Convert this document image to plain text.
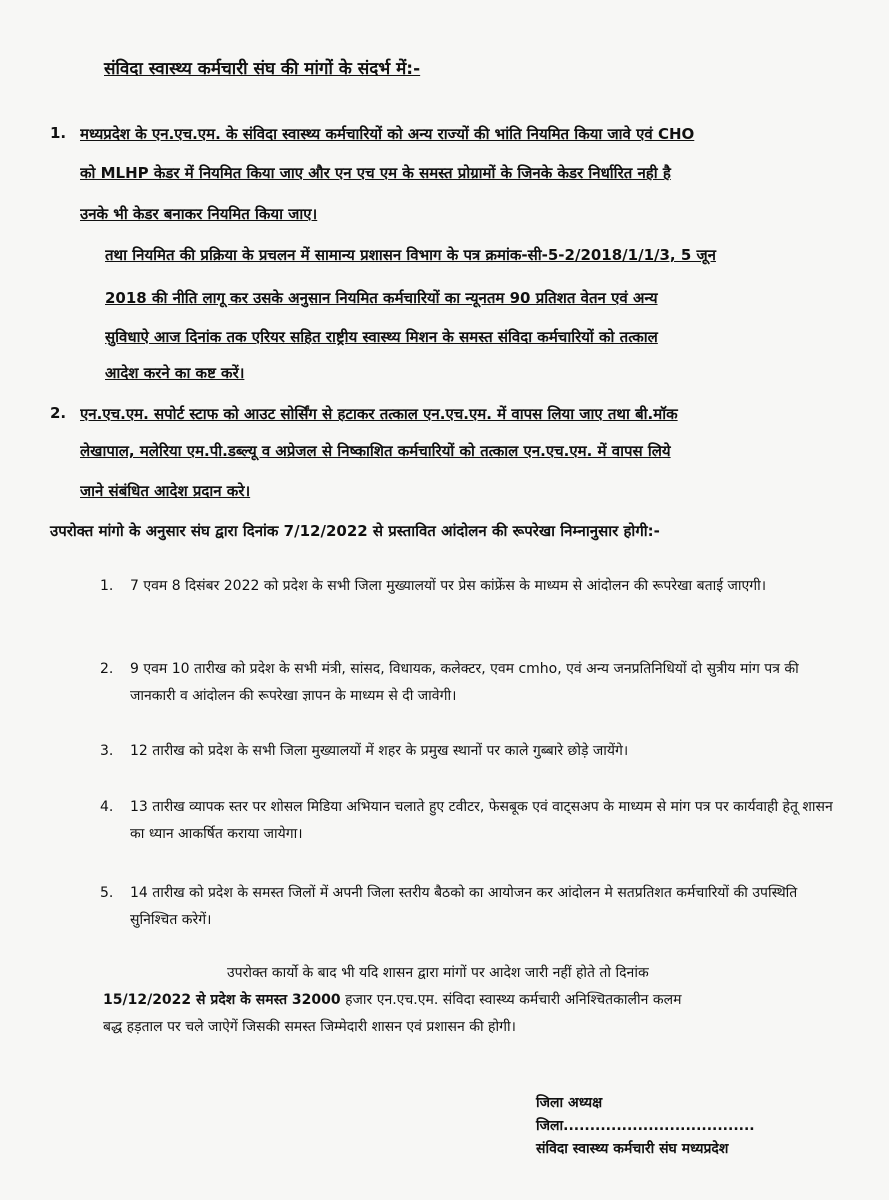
संविदा स्वास्थ्य कर्मचारी संघ की मांगों के संदर्भ में:-
1. मध्यप्रदेश के एन.एच.एम. के संविदा स्वास्थ्य कर्मचारियों को अन्य राज्यों की भांति नियमित किया जावे एवं CHO
को MLHP केडर में नियमित किया जाए और एन एच एम के समस्त प्रोग्रामों के जिनके केडर निर्धारित नही है
उनके भी केडर बनाकर नियमित किया जाए।
तथा नियमित की प्रक्रिया के प्रचलन में सामान्य प्रशासन विभाग के पत्र क्रमांक-सी-5-2/2018/1/1/3, 5 जून
2018 की नीति लागू कर उसके अनुसान नियमित कर्मचारियों का न्यूनतम 90 प्रतिशत वेतन एवं अन्य
सुविधाऐ आज दिनांक तक एरियर सहित राष्ट्रीय स्वास्थ्य मिशन के समस्त संविदा कर्मचारियों को तत्काल
आदेश करने का कष्ट करें।
2. एन.एच.एम. सपोर्ट स्टाफ को आउट सोर्सिंग से हटाकर तत्काल एन.एच.एम. में वापस लिया जाए तथा बी.मॉक
लेखापाल, मलेरिया एम.पी.डब्ल्यू व अप्रेजल से निष्काशित कर्मचारियों को तत्काल एन.एच.एम. में वापस लिये
जाने संबंधित आदेश प्रदान करे।
उपरोक्त मांगो के अनुसार संघ द्वारा दिनांक 7/12/2022 से प्रस्तावित आंदोलन की रूपरेखा निम्नानुसार होगी:-
1. 7 एवम 8 दिसंबर 2022 को प्रदेश के सभी जिला मुख्यालयों पर प्रेस कांफ्रेंस के माध्यम से आंदोलन की रूपरेखा बताई जाएगी।
2. 9 एवम 10 तारीख को प्रदेश के सभी मंत्री, सांसद, विधायक, कलेक्टर, एवम cmho, एवं अन्य जनप्रतिनिधियों दो सुत्रीय मांग पत्र की जानकारी व आंदोलन की रूपरेखा ज्ञापन के माध्यम से दी जावेगी।
3. 12 तारीख को प्रदेश के सभी जिला मुख्यालयों में शहर के प्रमुख स्थानों पर काले गुब्बारे छोड़े जायेंगे।
4. 13 तारीख व्यापक स्तर पर शोसल मिडिया अभियान चलाते हुए टवीटर, फेसबूक एवं वाट्सअप के माध्यम से मांग पत्र पर कार्यवाही हेतू शासन का ध्यान आकर्षित कराया जायेगा।
5. 14 तारीख को प्रदेश के समस्त जिलों में अपनी जिला स्तरीय बैठको का आयोजन कर आंदोलन मे सतप्रतिशत कर्मचारियों की उपस्थिति सुनिश्चित करेगें।
उपरोक्त कार्यो के बाद भी यदि शासन द्वारा मांगों पर आदेश जारी नहीं होते तो दिनांक
15/12/2022 से प्रदेश के समस्त 32000 हजार एन.एच.एम. संविदा स्वास्थ्य कर्मचारी अनिश्चितकालीन कलम
बद्ध हड़ताल पर चले जाऐगें जिसकी समस्त जिम्मेदारी शासन एवं प्रशासन की होगी।
जिला अध्यक्ष
जिला....................................
संविदा स्वास्थ्य कर्मचारी संघ मध्यप्रदेश
